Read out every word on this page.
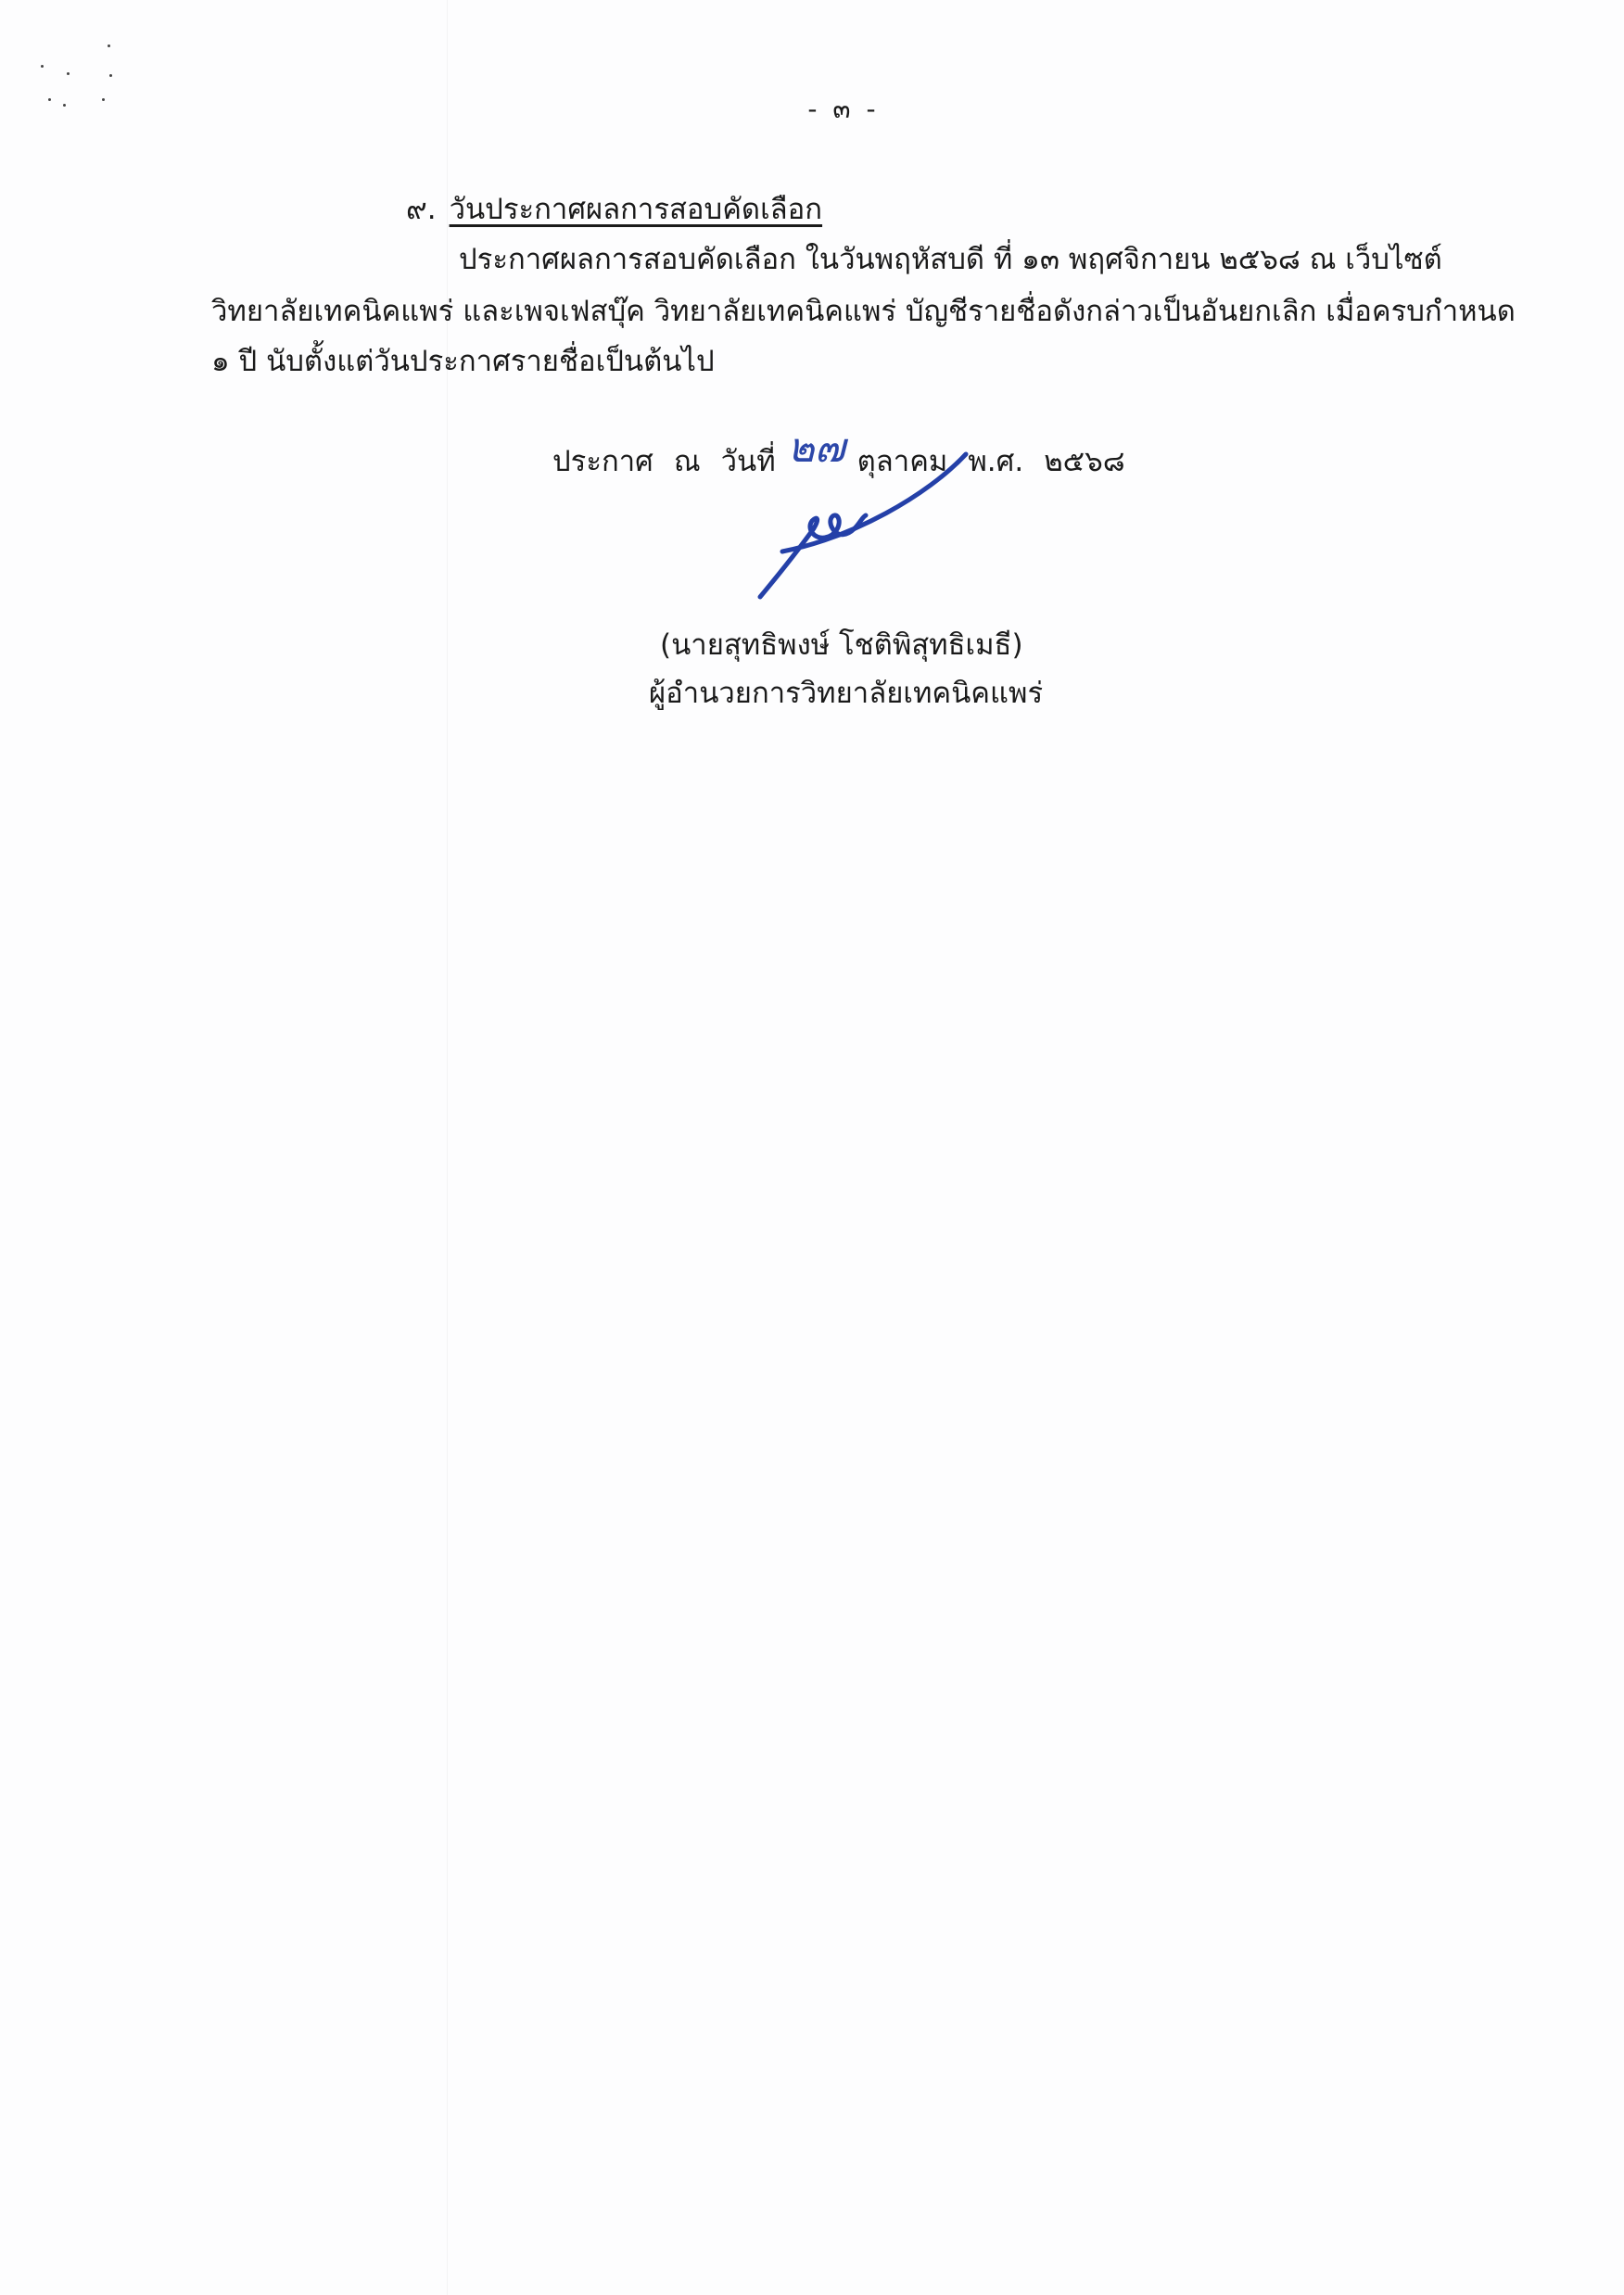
- ๓ -
๙. วันประกาศผลการสอบคัดเลือก
ประกาศผลการสอบคัดเลือก ในวันพฤหัสบดี ที่ ๑๓ พฤศจิกายน ๒๕๖๘ ณ เว็บไซต์
วิทยาลัยเทคนิคแพร่ และเพจเฟสบุ๊ค วิทยาลัยเทคนิคแพร่ บัญชีรายชื่อดังกล่าวเป็นอันยกเลิก เมื่อครบกำหนด
๑ ปี นับตั้งแต่วันประกาศรายชื่อเป็นต้นไป
ประกาศ ณ วันที่ ๒๗ ตุลาคม พ.ศ. ๒๕๖๘
(นายสุทธิพงษ์ โชติพิสุทธิเมธี)
ผู้อำนวยการวิทยาลัยเทคนิคแพร่
